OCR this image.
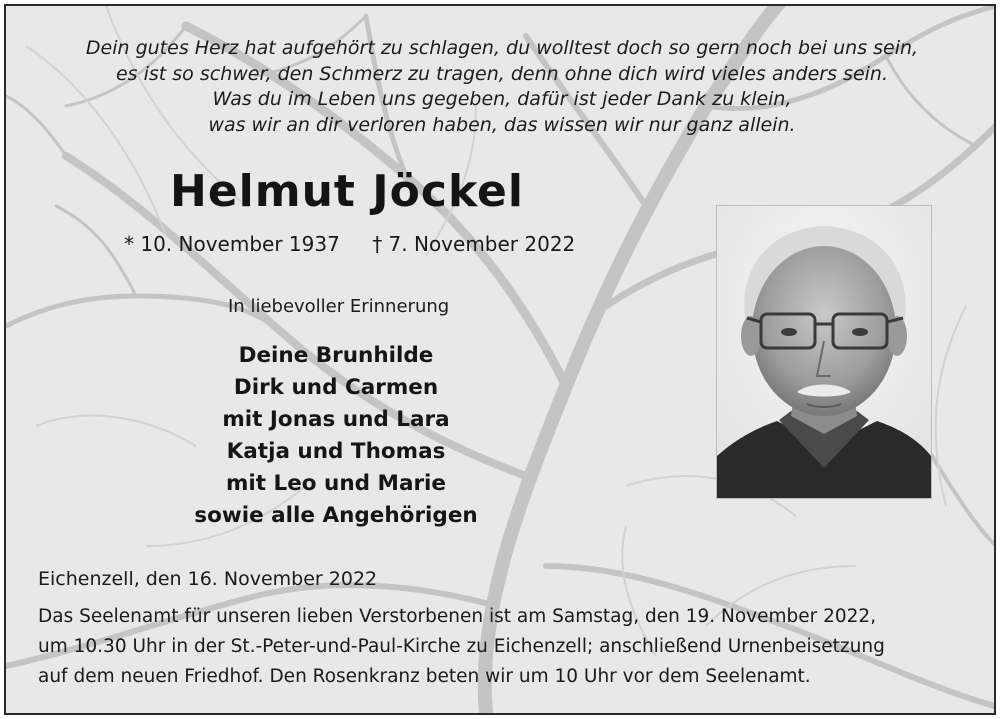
Dein gutes Herz hat aufgehört zu schlagen, du wolltest doch so gern noch bei uns sein,
es ist so schwer, den Schmerz zu tragen, denn ohne dich wird vieles anders sein.
Was du im Leben uns gegeben, dafür ist jeder Dank zu klein,
was wir an dir verloren haben, das wissen wir nur ganz allein.
Helmut Jöckel
* 10. November 1937 † 7. November 2022
In liebevoller Erinnerung
Deine Brunhilde
Dirk und Carmen
mit Jonas und Lara
Katja und Thomas
mit Leo und Marie
sowie alle Angehörigen
Eichenzell, den 16. November 2022
Das Seelenamt für unseren lieben Verstorbenen ist am Samstag, den 19. November 2022,
um 10.30 Uhr in der St.-Peter-und-Paul-Kirche zu Eichenzell; anschließend Urnenbeisetzung
auf dem neuen Friedhof. Den Rosenkranz beten wir um 10 Uhr vor dem Seelenamt.
